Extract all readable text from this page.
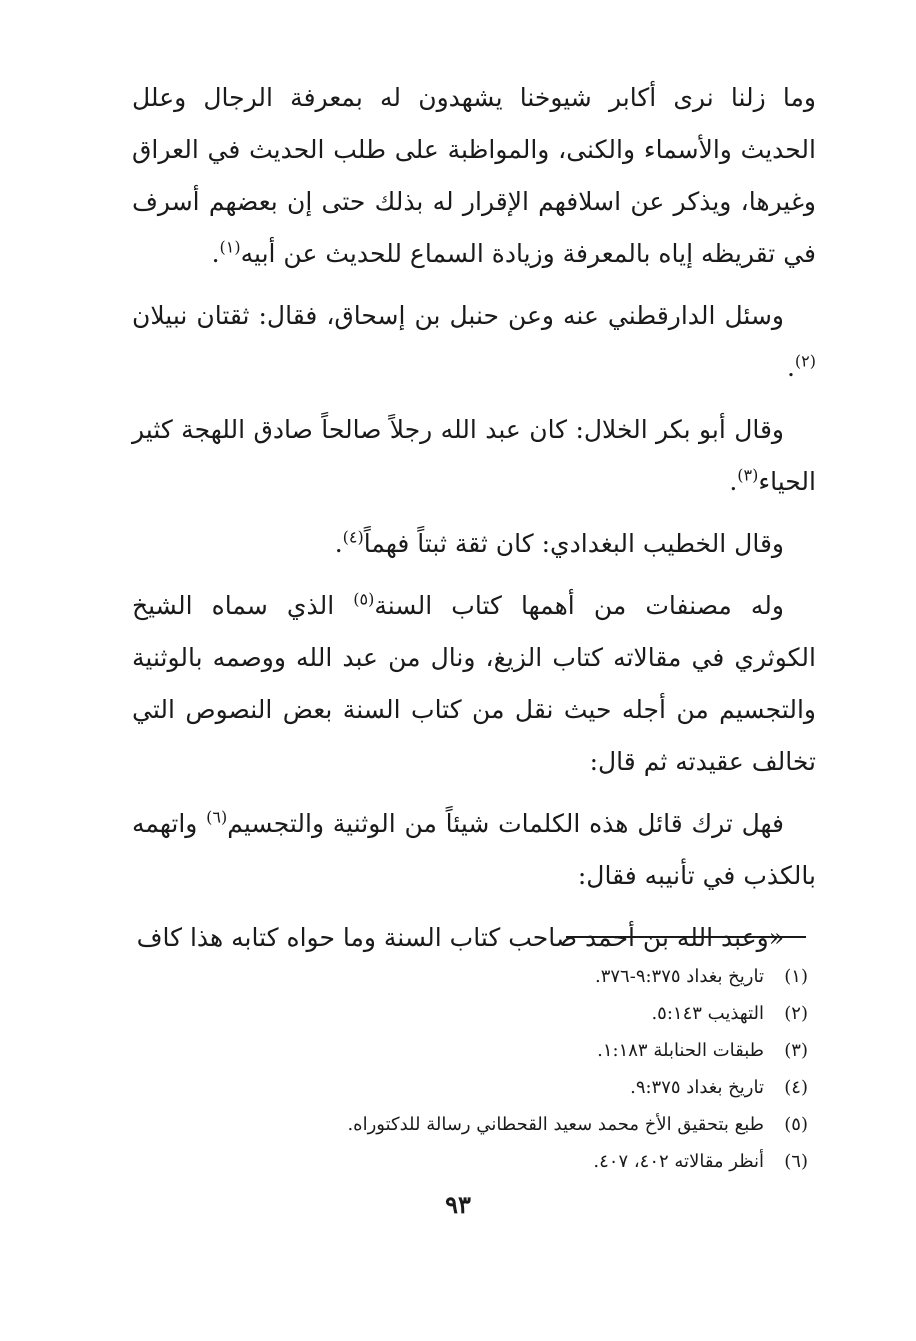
وما زلنا نرى أكابر شيوخنا يشهدون له بمعرفة الرجال وعلل الحديث والأسماء والكنى، والمواظبة على طلب الحديث في العراق وغيرها، ويذكر عن اسلافهم الإقرار له بذلك حتى إن بعضهم أسرف في تقريظه إياه بالمعرفة وزيادة السماع للحديث عن أبيه$^{(١)}$.

وسئل الدارقطني عنه وعن حنبل بن إسحاق، فقال: ثقتان نبيلان $^{(٢)}$.

وقال أبو بكر الخلال: كان عبد الله رجلاً صالحاً صادق اللهجة كثير الحياء$^{(٣)}$.

وقال الخطيب البغدادي: كان ثقة ثبتاً فهماً$^{(٤)}$.

وله مصنفات من أهمها كتاب السنة$^{(٥)}$ الذي سماه الشيخ الكوثري في مقالاته كتاب الزيغ، ونال من عبد الله ووصمه بالوثنية والتجسيم من أجله حيث نقل من كتاب السنة بعض النصوص التي تخالف عقيدته ثم قال:

فهل ترك قائل هذه الكلمات شيئاً من الوثنية والتجسيم$^{(٦)}$ واتهمه بالكذب في تأنيبه فقال:

«وعبد الله بن أحمد صاحب كتاب السنة وما حواه كتابه هذا كاف

(١)
تاريخ بغداد ٩:٣٧٥-٣٧٦.
(٢)
التهذيب ٥:١٤٣.
(٣)
طبقات الحنابلة ١:١٨٣.
(٤)
تاريخ بغداد ٩:٣٧٥.
(٥)
طبع بتحقيق الأخ محمد سعيد القحطاني رسالة للدكتوراه.
(٦)
أنظر مقالاته ٤٠٢، ٤٠٧.
٩٣
